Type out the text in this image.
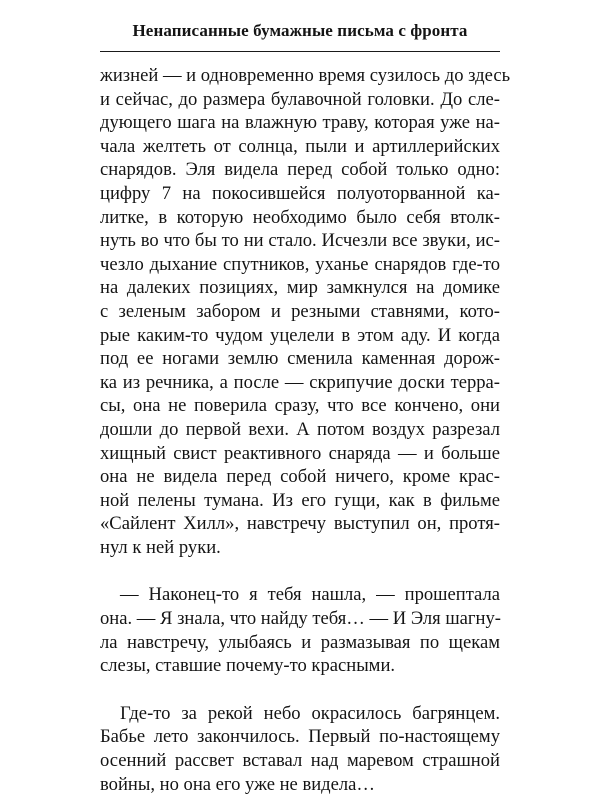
Ненаписанные бумажные письма с фронта
жизней — и одновременно время сузилось до здесь
и сейчас, до размера булавочной головки. До сле-
дующего шага на влажную траву, которая уже на-
чала желтеть от солнца, пыли и артиллерийских
снарядов. Эля видела перед собой только одно:
цифру 7 на покосившейся полуоторванной ка-
литке, в которую необходимо было себя втолк-
нуть во что бы то ни стало. Исчезли все звуки, ис-
чезло дыхание спутников, уханье снарядов где-то
на далеких позициях, мир замкнулся на домике
с зеленым забором и резными ставнями, кото-
рые каким-то чудом уцелели в этом аду. И когда
под ее ногами землю сменила каменная дорож-
ка из речника, а после — скрипучие доски терра-
сы, она не поверила сразу, что все кончено, они
дошли до первой вехи. А потом воздух разрезал
хищный свист реактивного снаряда — и больше
она не видела перед собой ничего, кроме крас-
ной пелены тумана. Из его гущи, как в фильме
«Сайлент Хилл», навстречу выступил он, протя-
нул к ней руки.
— Наконец-то я тебя нашла, — прошептала
она. — Я знала, что найду тебя… — И Эля шагну-
ла навстречу, улыбаясь и размазывая по щекам
слезы, ставшие почему-то красными.
Где-то за рекой небо окрасилось багрянцем.
Бабье лето закончилось. Первый по-настоящему
осенний рассвет вставал над маревом страшной
войны, но она его уже не видела…
